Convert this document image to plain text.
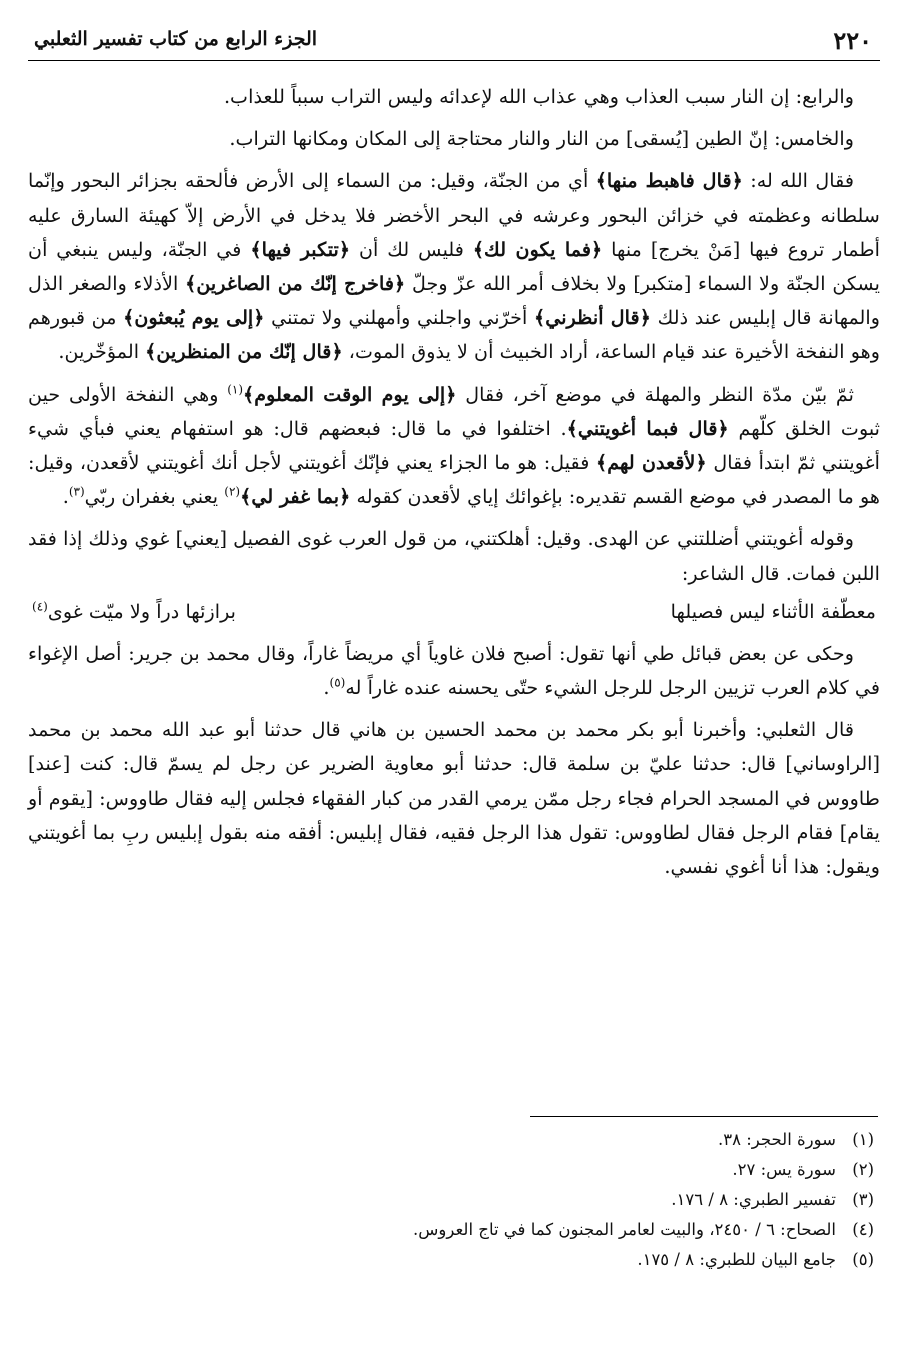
٢٢٠
الجزء الرابع من كتاب تفسير الثعلبي

والرابع: إن النار سبب العذاب وهي عذاب الله لإعدائه وليس التراب سبباً للعذاب.

والخامس: إنّ الطين [يُسقى] من النار والنار محتاجة إلى المكان ومكانها التراب.

فقال الله له: ﴿قال فاهبط منها﴾ أي من الجنّة، وقيل: من السماء إلى الأرض فألحقه بجزائر البحور وإنّما سلطانه وعظمته في خزائن البحور وعرشه في البحر الأخضر فلا يدخل في الأرض إلاّ كهيئة السارق عليه أطمار تروع فيها [مَنْ يخرج] منها ﴿فما يكون لك﴾ فليس لك أن ﴿تتكبر فيها﴾ في الجنّة، وليس ينبغي أن يسكن الجنّة ولا السماء [متكبر] ولا بخلاف أمر الله عزّ وجلّ ﴿فاخرج إنّك من الصاغرين﴾ الأذلاء والصغر الذل والمهانة قال إبليس عند ذلك ﴿قال أنظرني﴾ أخرّني واجلني وأمهلني ولا تمتني ﴿إلى يوم يُبعثون﴾ من قبورهم وهو النفخة الأخيرة عند قيام الساعة، أراد الخبيث أن لا يذوق الموت، ﴿قال إنّك من المنظرين﴾ المؤخّرين.

ثمّ بيّن مدّة النظر والمهلة في موضع آخر، فقال ﴿إلى يوم الوقت المعلوم﴾$^{(١)}$ وهي النفخة الأولى حين ثبوت الخلق كلّهم ﴿قال فبما أغويتني﴾. اختلفوا في ما قال: فبعضهم قال: هو استفهام يعني فبأي شيء أغويتني ثمّ ابتدأ فقال ﴿لأقعدن لهم﴾ فقيل: هو ما الجزاء يعني فإنّك أغويتني لأجل أنك أغويتني لأقعدن، وقيل: هو ما المصدر في موضع القسم تقديره: بإغوائك إياي لأقعدن كقوله ﴿بما غفر لي﴾$^{(٢)}$ يعني بغفران ربّي$^{(٣)}$.

وقوله أغويتني أضللتني عن الهدى. وقيل: أهلكتني، من قول العرب غوى الفصيل [يعني] غوي وذلك إذا فقد اللبن فمات. قال الشاعر:

معطّفة الأثناء ليس فصيلها
برازئها دراً ولا ميّت غوى$^{(٤)}$

وحكى عن بعض قبائل طي أنها تقول: أصبح فلان غاوياً أي مريضاً غاراً، وقال محمد بن جرير: أصل الإغواء في كلام العرب تزيين الرجل للرجل الشيء حتّى يحسنه عنده غاراً له$^{(٥)}$.

قال الثعلبي: وأخبرنا أبو بكر محمد بن محمد الحسين بن هاني قال حدثنا أبو عبد الله محمد بن محمد [الراوساني] قال: حدثنا عليّ بن سلمة قال: حدثنا أبو معاوية الضرير عن رجل لم يسمّ قال: كنت [عند] طاووس في المسجد الحرام فجاء رجل ممّن يرمي القدر من كبار الفقهاء فجلس إليه فقال طاووس: [يقوم أو يقام] فقام الرجل فقال لطاووس: تقول هذا الرجل فقيه، فقال إبليس: أفقه منه بقول إبليس ربِ بما أغويتني ويقول: هذا أنا أغوي نفسي.

(١)
سورة الحجر: ٣٨.
(٢)
سورة يس: ٢٧.
(٣)
تفسير الطبري: ٨ / ١٧٦.
(٤)
الصحاح: ٦ / ٢٤٥٠، والبيت لعامر المجنون كما في تاج العروس.
(٥)
جامع البيان للطبري: ٨ / ١٧٥.
